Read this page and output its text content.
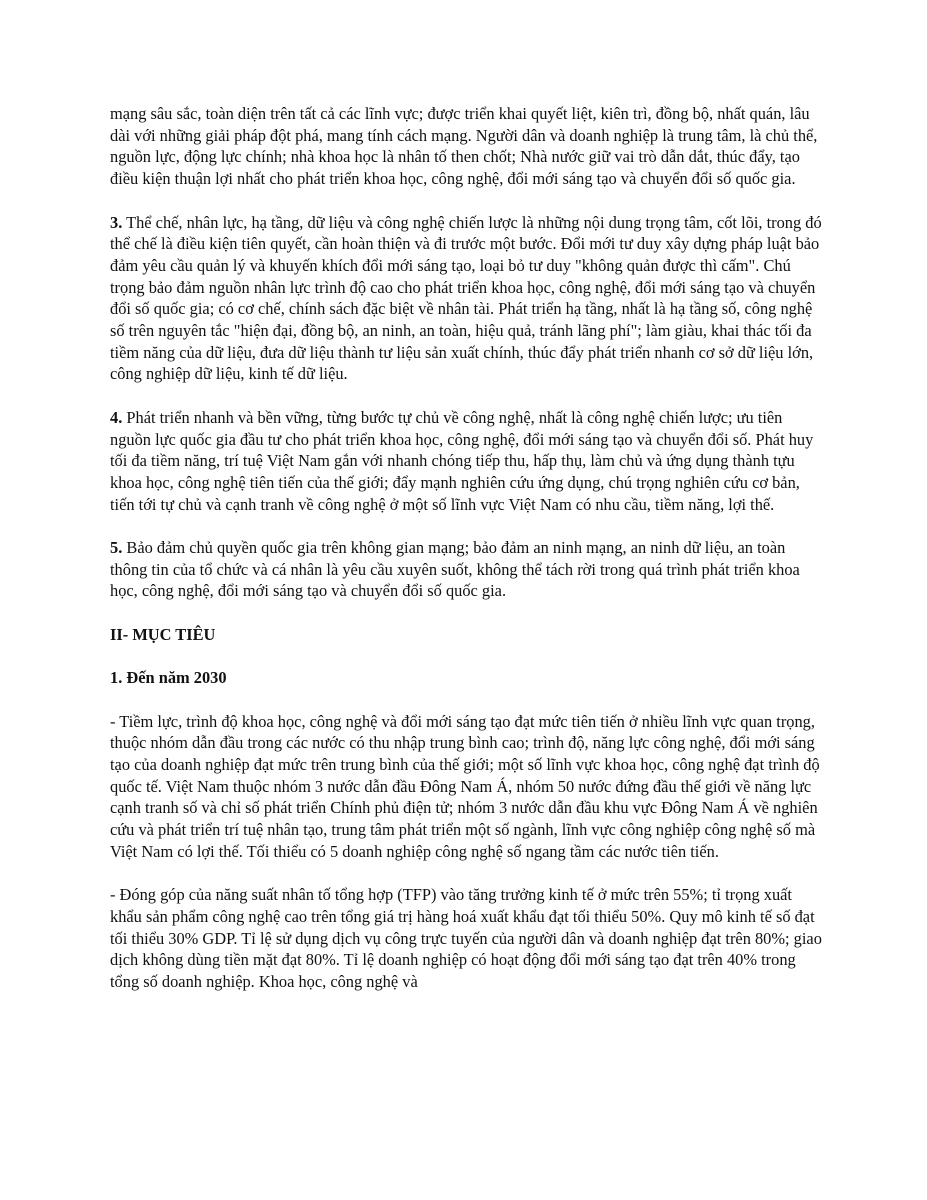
mạng sâu sắc, toàn diện trên tất cả các lĩnh vực; được triển khai quyết liệt, kiên trì, đồng bộ, nhất quán, lâu dài với những giải pháp đột phá, mang tính cách mạng. Người dân và doanh nghiệp là trung tâm, là chủ thể, nguồn lực, động lực chính; nhà khoa học là nhân tố then chốt; Nhà nước giữ vai trò dẫn dắt, thúc đẩy, tạo điều kiện thuận lợi nhất cho phát triển khoa học, công nghệ, đổi mới sáng tạo và chuyển đổi số quốc gia.

3. Thể chế, nhân lực, hạ tầng, dữ liệu và công nghệ chiến lược là những nội dung trọng tâm, cốt lõi, trong đó thể chế là điều kiện tiên quyết, cần hoàn thiện và đi trước một bước. Đổi mới tư duy xây dựng pháp luật bảo đảm yêu cầu quản lý và khuyến khích đổi mới sáng tạo, loại bỏ tư duy "không quản được thì cấm". Chú trọng bảo đảm nguồn nhân lực trình độ cao cho phát triển khoa học, công nghệ, đổi mới sáng tạo và chuyển đổi số quốc gia; có cơ chế, chính sách đặc biệt về nhân tài. Phát triển hạ tầng, nhất là hạ tầng số, công nghệ số trên nguyên tắc "hiện đại, đồng bộ, an ninh, an toàn, hiệu quả, tránh lãng phí"; làm giàu, khai thác tối đa tiềm năng của dữ liệu, đưa dữ liệu thành tư liệu sản xuất chính, thúc đẩy phát triển nhanh cơ sở dữ liệu lớn, công nghiệp dữ liệu, kinh tế dữ liệu.

4. Phát triển nhanh và bền vững, từng bước tự chủ về công nghệ, nhất là công nghệ chiến lược; ưu tiên nguồn lực quốc gia đầu tư cho phát triển khoa học, công nghệ, đổi mới sáng tạo và chuyển đổi số. Phát huy tối đa tiềm năng, trí tuệ Việt Nam gắn với nhanh chóng tiếp thu, hấp thụ, làm chủ và ứng dụng thành tựu khoa học, công nghệ tiên tiến của thế giới; đẩy mạnh nghiên cứu ứng dụng, chú trọng nghiên cứu cơ bản, tiến tới tự chủ và cạnh tranh về công nghệ ở một số lĩnh vực Việt Nam có nhu cầu, tiềm năng, lợi thế.

5. Bảo đảm chủ quyền quốc gia trên không gian mạng; bảo đảm an ninh mạng, an ninh dữ liệu, an toàn thông tin của tổ chức và cá nhân là yêu cầu xuyên suốt, không thể tách rời trong quá trình phát triển khoa học, công nghệ, đổi mới sáng tạo và chuyển đổi số quốc gia.

II- MỤC TIÊU

1. Đến năm 2030

- Tiềm lực, trình độ khoa học, công nghệ và đổi mới sáng tạo đạt mức tiên tiến ở nhiều lĩnh vực quan trọng, thuộc nhóm dẫn đầu trong các nước có thu nhập trung bình cao; trình độ, năng lực công nghệ, đổi mới sáng tạo của doanh nghiệp đạt mức trên trung bình của thế giới; một số lĩnh vực khoa học, công nghệ đạt trình độ quốc tế. Việt Nam thuộc nhóm 3 nước dẫn đầu Đông Nam Á, nhóm 50 nước đứng đầu thế giới về năng lực cạnh tranh số và chỉ số phát triển Chính phủ điện tử; nhóm 3 nước dẫn đầu khu vực Đông Nam Á về nghiên cứu và phát triển trí tuệ nhân tạo, trung tâm phát triển một số ngành, lĩnh vực công nghiệp công nghệ số mà Việt Nam có lợi thế. Tối thiểu có 5 doanh nghiệp công nghệ số ngang tầm các nước tiên tiến.

- Đóng góp của năng suất nhân tố tổng hợp (TFP) vào tăng trưởng kinh tế ở mức trên 55%; tỉ trọng xuất khẩu sản phẩm công nghệ cao trên tổng giá trị hàng hoá xuất khẩu đạt tối thiểu 50%. Quy mô kinh tế số đạt tối thiểu 30% GDP. Tỉ lệ sử dụng dịch vụ công trực tuyến của người dân và doanh nghiệp đạt trên 80%; giao dịch không dùng tiền mặt đạt 80%. Tỉ lệ doanh nghiệp có hoạt động đổi mới sáng tạo đạt trên 40% trong tổng số doanh nghiệp. Khoa học, công nghệ và
